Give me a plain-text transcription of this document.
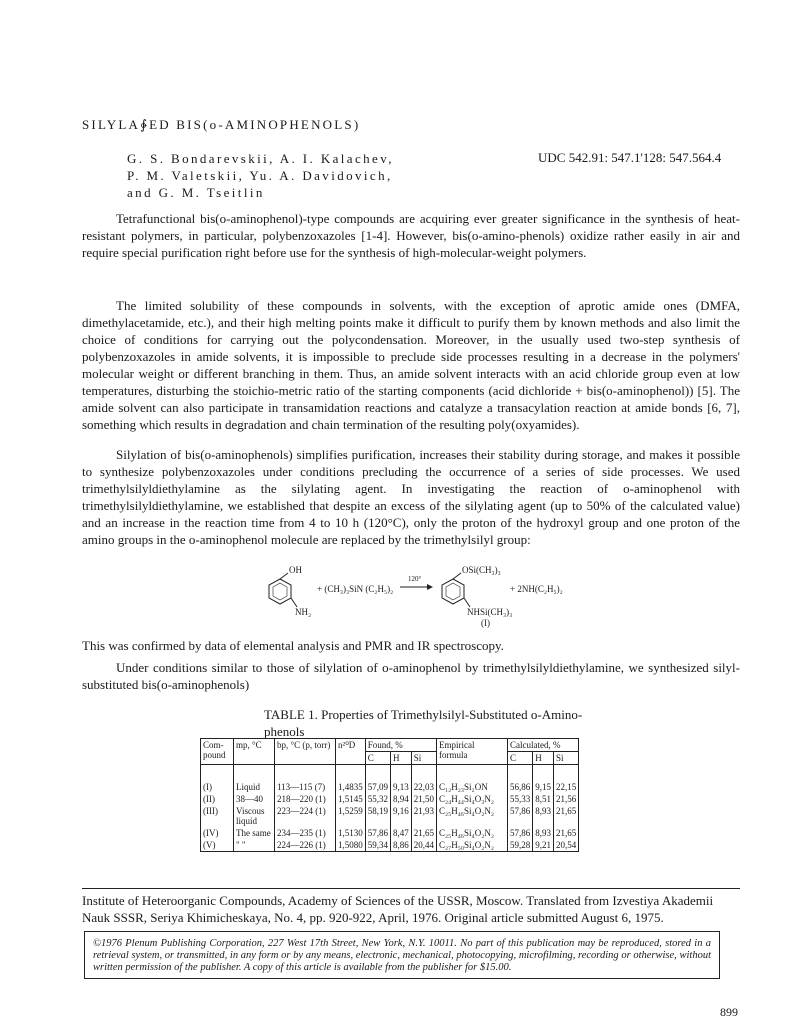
SILYLA∳ED BIS(o-AMINOPHENOLS)
G. S. Bondarevskii, A. I. Kalachev,
P. M. Valetskii, Yu. A. Davidovich,
and G. M. Tseitlin
UDC 542.91: 547.1'128: 547.564.4

Tetrafunctional bis(o-aminophenol)-type compounds are acquiring ever greater significance in the synthesis of heat-resistant polymers, in particular, polybenzoxazoles [1-4]. However, bis(o-amino-phenols) oxidize rather easily in air and require special purification right before use for the synthesis of high-molecular-weight polymers.

The limited solubility of these compounds in solvents, with the exception of aprotic amide ones (DMFA, dimethylacetamide, etc.), and their high melting points make it difficult to purify them by known methods and also limit the choice of conditions for carrying out the polycondensation. Moreover, in the usually used two-step synthesis of polybenzoxazoles in amide solvents, it is impossible to preclude side processes resulting in a decrease in the polymers' molecular weight or different branching in them. Thus, an amide solvent interacts with an acid chloride group even at low temperatures, disturbing the stoichio-metric ratio of the starting components (acid dichloride + bis(o-aminophenol)) [5]. The amide solvent can also participate in transamidation reactions and catalyze a transacylation reaction at amide bonds [6, 7], something which results in degradation and chain termination of the resulting poly(oxyamides).

Silylation of bis(o-aminophenols) simplifies purification, increases their stability during storage, and makes it possible to synthesize polybenzoxazoles under conditions precluding the occurrence of a series of side processes. We used trimethylsilyldiethylamine as the silylating agent. In investigating the reaction of o-aminophenol with trimethylsilyldiethylamine, we established that despite an excess of the silylating agent (up to 50% of the calculated value) and an increase in the reaction time from 4 to 10 h (120°C), only the proton of the hydroxyl group and one proton of the amino groups in the o-aminophenol molecule are replaced by the trimethylsilyl group:

OH
NH₂
+ (CH₃)₃SiN (C₂H₅)₂
120°
OSi(CH₃)₃
NHSi(CH₃)₃
(I)
+ 2NH(C₂H₅)₂

This was confirmed by data of elemental analysis and PMR and IR spectroscopy.

Under conditions similar to those of silylation of o-aminophenol by trimethylsilyldiethylamine, we synthesized silyl-substituted bis(o-aminophenols)

TABLE 1. Properties of Trimethylsilyl-Substituted o-Amino-phenols

Com-pound	mp, °C	bp, °C (p, torr)	n²⁰D	Found, %			Empirical formula	Calculated, %		
				C	H	Si		C	H	Si

(I)	Liquid	113—115 (7)	1,4835	57,09	9,13	22,03	C₁₂H₂₃Si₂ON	56,86	9,15	22,15
(II)	38—40	218—220 (1)	1,5145	55,32	8,94	21,50	C₂₄H₄₄Si₄O₃N₂	55,33	8,51	21,56
(III)	Viscous liquid	223—224 (1)	1,5259	58,19	9,16	21,93	C₂₅H₄₆Si₄O₂N₂	57,86	8,93	21,65
(IV)	The same	234—235 (1)	1,5130	57,86	8,47	21,65	C₂₅H₄₆Si₄O₂N₂	57,86	8,93	21,65
(V)	" "	224—226 (1)	1,5080	59,34	8,86	20,44	C₂₇H₅₀Si₄O₂N₂	59,28	9,21	20,54

Institute of Heteroorganic Compounds, Academy of Sciences of the USSR, Moscow. Translated from Izvestiya Akademii Nauk SSSR, Seriya Khimicheskaya, No. 4, pp. 920-922, April, 1976. Original article submitted August 6, 1975.

©1976 Plenum Publishing Corporation, 227 West 17th Street, New York, N.Y. 10011. No part of this publication may be reproduced, stored in a retrieval system, or transmitted, in any form or by any means, electronic, mechanical, photocopying, microfilming, recording or otherwise, without written permission of the publisher. A copy of this article is available from the publisher for $15.00.
899
